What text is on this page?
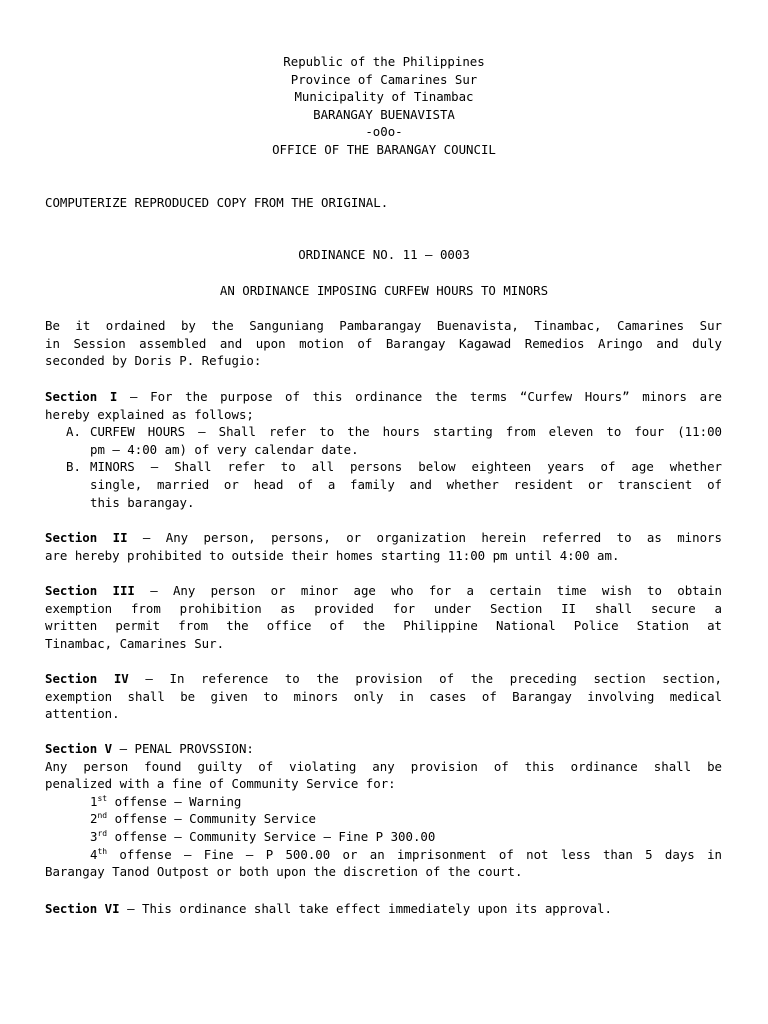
Republic of the Philippines
Province of Camarines Sur
Municipality of Tinambac
BARANGAY BUENAVISTA
-o0o-
OFFICE OF THE BARANGAY COUNCIL
COMPUTERIZE REPRODUCED COPY FROM THE ORIGINAL.
ORDINANCE NO. 11 – 0003
AN ORDINANCE IMPOSING CURFEW HOURS TO MINORS
Be it ordained by the Sanguniang Pambarangay Buenavista, Tinambac, Camarines Sur
in Session assembled and upon motion of Barangay Kagawad Remedios Aringo and duly
seconded by Doris P. Refugio:
Section I – For the purpose of this ordinance the terms “Curfew Hours” minors are
hereby explained as follows;
A. CURFEW HOURS – Shall refer to the hours starting from eleven to four (11:00
pm – 4:00 am) of very calendar date.
B. MINORS – Shall refer to all persons below eighteen years of age whether
single, married or head of a family and whether resident or transcient of
this barangay.
Section II – Any person, persons, or organization herein referred to as minors
are hereby prohibited to outside their homes starting 11:00 pm until 4:00 am.
Section III – Any person or minor age who for a certain time wish to obtain
exemption from prohibition as provided for under Section II shall secure a
written permit from the office of the Philippine National Police Station at
Tinambac, Camarines Sur.
Section IV – In reference to the provision of the preceding section section,
exemption shall be given to minors only in cases of Barangay involving medical
attention.
Section V – PENAL PROVSSION:
Any person found guilty of violating any provision of this ordinance shall be
penalized with a fine of Community Service for:
1st offense – Warning
2nd offense – Community Service
3rd offense – Community Service – Fine P 300.00
4th offense – Fine – P 500.00 or an imprisonment of not less than 5 days in
Barangay Tanod Outpost or both upon the discretion of the court.
Section VI – This ordinance shall take effect immediately upon its approval.
